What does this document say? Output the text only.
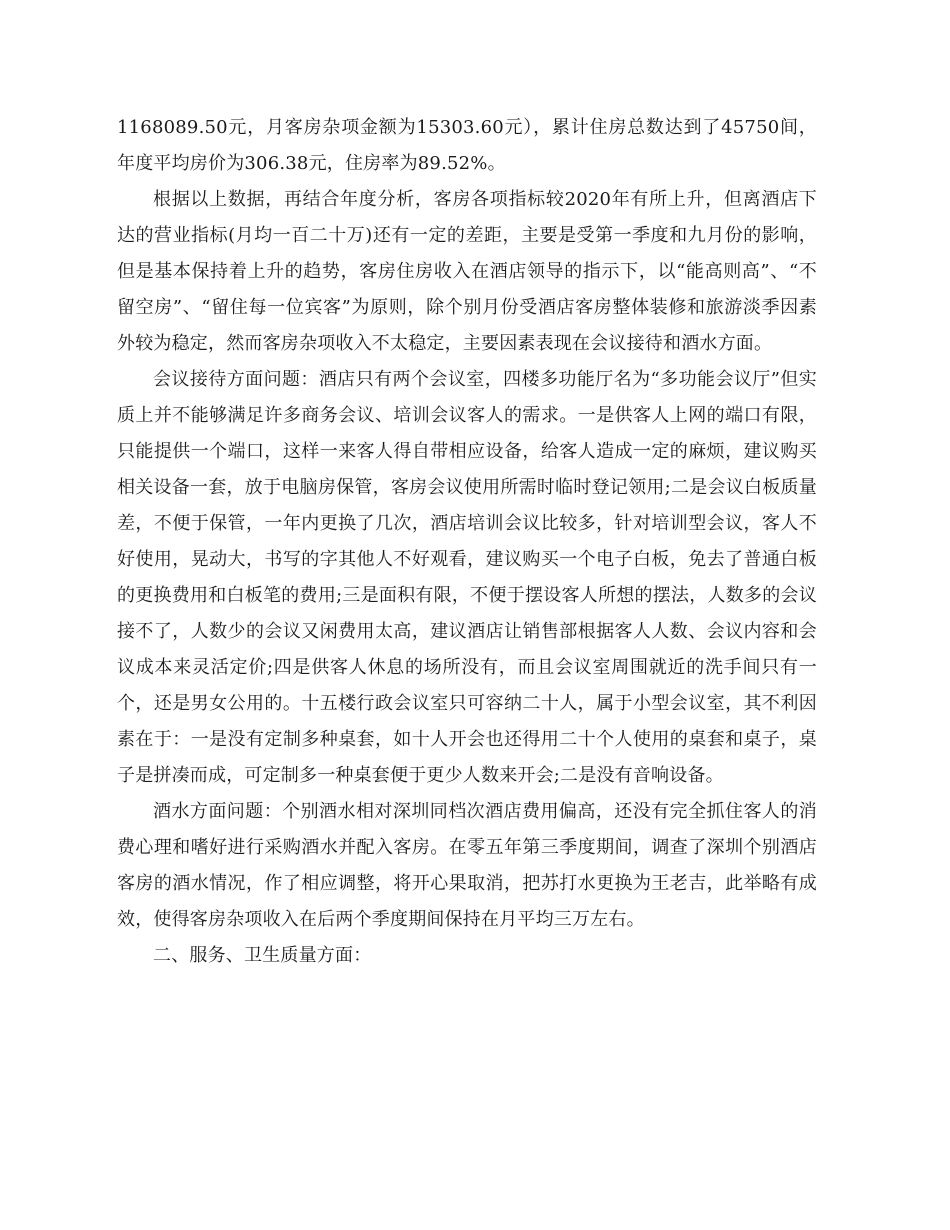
1168089.50元，月客房杂项金额为15303.60元），累计住房总数达到了45750间，年度平均房价为306.38元，住房率为89.52%。

根据以上数据，再结合年度分析，客房各项指标较2020年有所上升，但离酒店下达的营业指标(月均一百二十万)还有一定的差距，主要是受第一季度和九月份的影响，但是基本保持着上升的趋势，客房住房收入在酒店领导的指示下，以“能高则高”、“不留空房”、“留住每一位宾客”为原则，除个别月份受酒店客房整体装修和旅游淡季因素外较为稳定，然而客房杂项收入不太稳定，主要因素表现在会议接待和酒水方面。

会议接待方面问题：酒店只有两个会议室，四楼多功能厅名为“多功能会议厅”但实质上并不能够满足许多商务会议、培训会议客人的需求。一是供客人上网的端口有限，只能提供一个端口，这样一来客人得自带相应设备，给客人造成一定的麻烦，建议购买相关设备一套，放于电脑房保管，客房会议使用所需时临时登记领用;二是会议白板质量差，不便于保管，一年内更换了几次，酒店培训会议比较多，针对培训型会议，客人不好使用，晃动大，书写的字其他人不好观看，建议购买一个电子白板，免去了普通白板的更换费用和白板笔的费用;三是面积有限，不便于摆设客人所想的摆法，人数多的会议接不了，人数少的会议又闲费用太高，建议酒店让销售部根据客人人数、会议内容和会议成本来灵活定价;四是供客人休息的场所没有，而且会议室周围就近的洗手间只有一个，还是男女公用的。十五楼行政会议室只可容纳二十人，属于小型会议室，其不利因素在于：一是没有定制多种桌套，如十人开会也还得用二十个人使用的桌套和桌子，桌子是拼凑而成，可定制多一种桌套便于更少人数来开会;二是没有音响设备。

酒水方面问题：个别酒水相对深圳同档次酒店费用偏高，还没有完全抓住客人的消费心理和嗜好进行采购酒水并配入客房。在零五年第三季度期间，调查了深圳个别酒店客房的酒水情况，作了相应调整，将开心果取消，把苏打水更换为王老吉，此举略有成效，使得客房杂项收入在后两个季度期间保持在月平均三万左右。

二、服务、卫生质量方面：
